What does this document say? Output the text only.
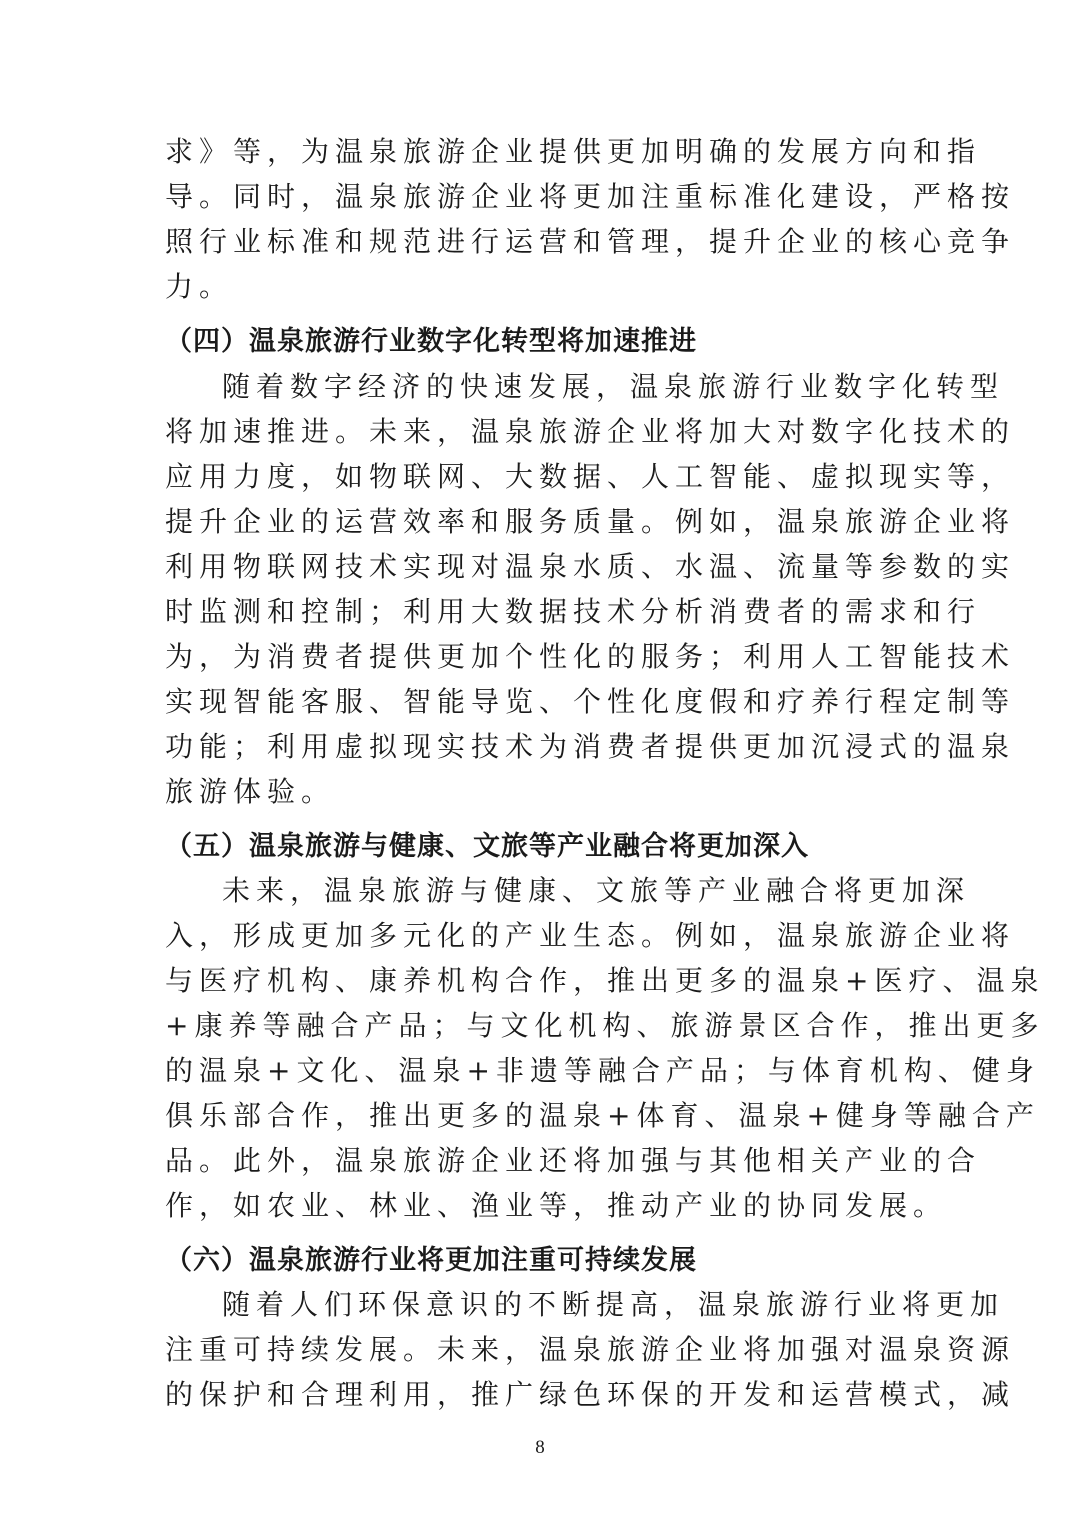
求》等，为温泉旅游企业提供更加明确的发展方向和指
导。同时，温泉旅游企业将更加注重标准化建设，严格按
照行业标准和规范进行运营和管理，提升企业的核心竞争
力。
（四）温泉旅游行业数字化转型将加速推进
随着数字经济的快速发展，温泉旅游行业数字化转型
将加速推进。未来，温泉旅游企业将加大对数字化技术的
应用力度，如物联网、大数据、人工智能、虚拟现实等，
提升企业的运营效率和服务质量。例如，温泉旅游企业将
利用物联网技术实现对温泉水质、水温、流量等参数的实
时监测和控制；利用大数据技术分析消费者的需求和行
为，为消费者提供更加个性化的服务；利用人工智能技术
实现智能客服、智能导览、个性化度假和疗养行程定制等
功能；利用虚拟现实技术为消费者提供更加沉浸式的温泉
旅游体验。
（五）温泉旅游与健康、文旅等产业融合将更加深入
未来，温泉旅游与健康、文旅等产业融合将更加深
入，形成更加多元化的产业生态。例如，温泉旅游企业将
与医疗机构、康养机构合作，推出更多的温泉+医疗、温泉
+康养等融合产品；与文化机构、旅游景区合作，推出更多
的温泉+文化、温泉+非遗等融合产品；与体育机构、健身
俱乐部合作，推出更多的温泉+体育、温泉+健身等融合产
品。此外，温泉旅游企业还将加强与其他相关产业的合
作，如农业、林业、渔业等，推动产业的协同发展。
（六）温泉旅游行业将更加注重可持续发展
随着人们环保意识的不断提高，温泉旅游行业将更加
注重可持续发展。未来，温泉旅游企业将加强对温泉资源
的保护和合理利用，推广绿色环保的开发和运营模式，减
8
